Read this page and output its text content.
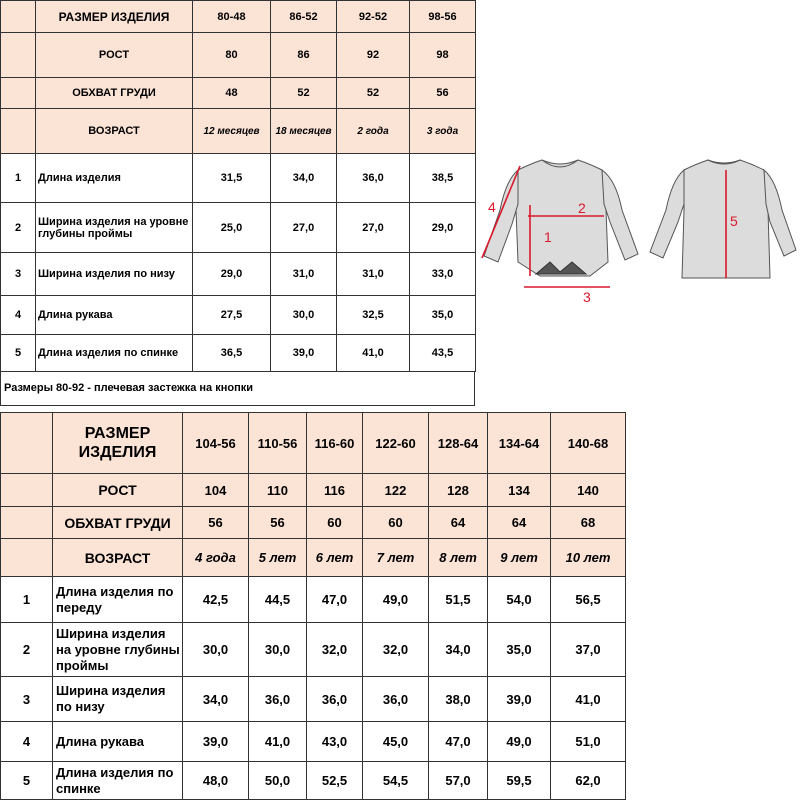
	РАЗМЕР ИЗДЕЛИЯ	80-48	86-52	92-52	98-56
	РОСТ	80	86	92	98
	ОБХВАТ ГРУДИ	48	52	52	56
	ВОЗРАСТ	12 месяцев	18 месяцев	2 года	3 года
1	Длина изделия	31,5	34,0	36,0	38,5
2	Ширина изделия на уровне глубины проймы	25,0	27,0	27,0	29,0
3	Ширина изделия по низу	29,0	31,0	31,0	33,0
4	Длина рукава	27,5	30,0	32,5	35,0
5	Длина изделия по спинке	36,5	39,0	41,0	43,5
Размеры 80-92 - плечевая застежка на кнопки
1
2
3
4
5
	РАЗМЕР ИЗДЕЛИЯ	104-56	110-56	116-60	122-60	128-64	134-64	140-68
	РОСТ	104	110	116	122	128	134	140
	ОБХВАТ ГРУДИ	56	56	60	60	64	64	68
	ВОЗРАСТ	4 года	5 лет	6 лет	7 лет	8 лет	9 лет	10 лет
1	Длина изделия по переду	42,5	44,5	47,0	49,0	51,5	54,0	56,5
2	Ширина изделия на уровне глубины проймы	30,0	30,0	32,0	32,0	34,0	35,0	37,0
3	Ширина изделия по низу	34,0	36,0	36,0	36,0	38,0	39,0	41,0
4	Длина рукава	39,0	41,0	43,0	45,0	47,0	49,0	51,0
5	Длина изделия по спинке	48,0	50,0	52,5	54,5	57,0	59,5	62,0
